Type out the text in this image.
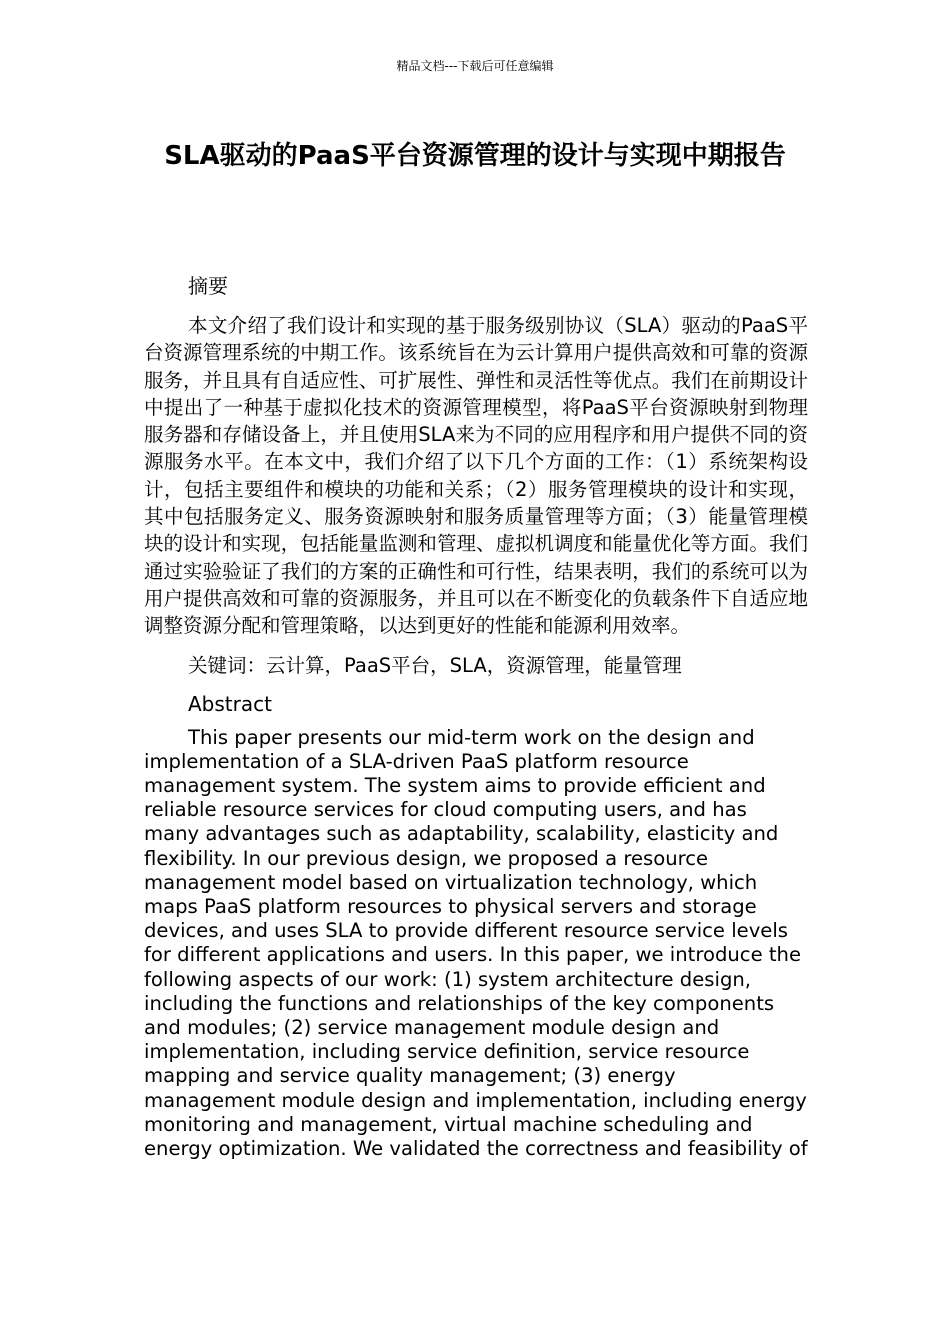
精品文档---下载后可任意编辑
SLA驱动的PaaS平台资源管理的设计与实现中期报告
摘要

本文介绍了我们设计和实现的基于服务级别协议（SLA）驱动的PaaS平台资源管理系统的中期工作。该系统旨在为云计算用户提供高效和可靠的资源服务，并且具有自适应性、可扩展性、弹性和灵活性等优点。我们在前期设计中提出了一种基于虚拟化技术的资源管理模型，将PaaS平台资源映射到物理服务器和存储设备上，并且使用SLA来为不同的应用程序和用户提供不同的资源服务水平。在本文中，我们介绍了以下几个方面的工作：（1）系统架构设计，包括主要组件和模块的功能和关系；（2）服务管理模块的设计和实现，其中包括服务定义、服务资源映射和服务质量管理等方面；（3）能量管理模块的设计和实现，包括能量监测和管理、虚拟机调度和能量优化等方面。我们通过实验验证了我们的方案的正确性和可行性，结果表明，我们的系统可以为用户提供高效和可靠的资源服务，并且可以在不断变化的负载条件下自适应地调整资源分配和管理策略，以达到更好的性能和能源利用效率。

关键词：云计算，PaaS平台，SLA，资源管理，能量管理
Abstract

This paper presents our mid-term work on the design and implementation of a SLA-driven PaaS platform resource management system. The system aims to provide efficient and reliable resource services for cloud computing users, and has many advantages such as adaptability, scalability, elasticity and flexibility. In our previous design, we proposed a resource management model based on virtualization technology, which maps PaaS platform resources to physical servers and storage devices, and uses SLA to provide different resource service levels for different applications and users. In this paper, we introduce the following aspects of our work: (1) system architecture design, including the functions and relationships of the key components and modules; (2) service management module design and implementation, including service definition, service resource mapping and service quality management; (3) energy management module design and implementation, including energy monitoring and management, virtual machine scheduling and energy optimization. We validated the correctness and feasibility of
